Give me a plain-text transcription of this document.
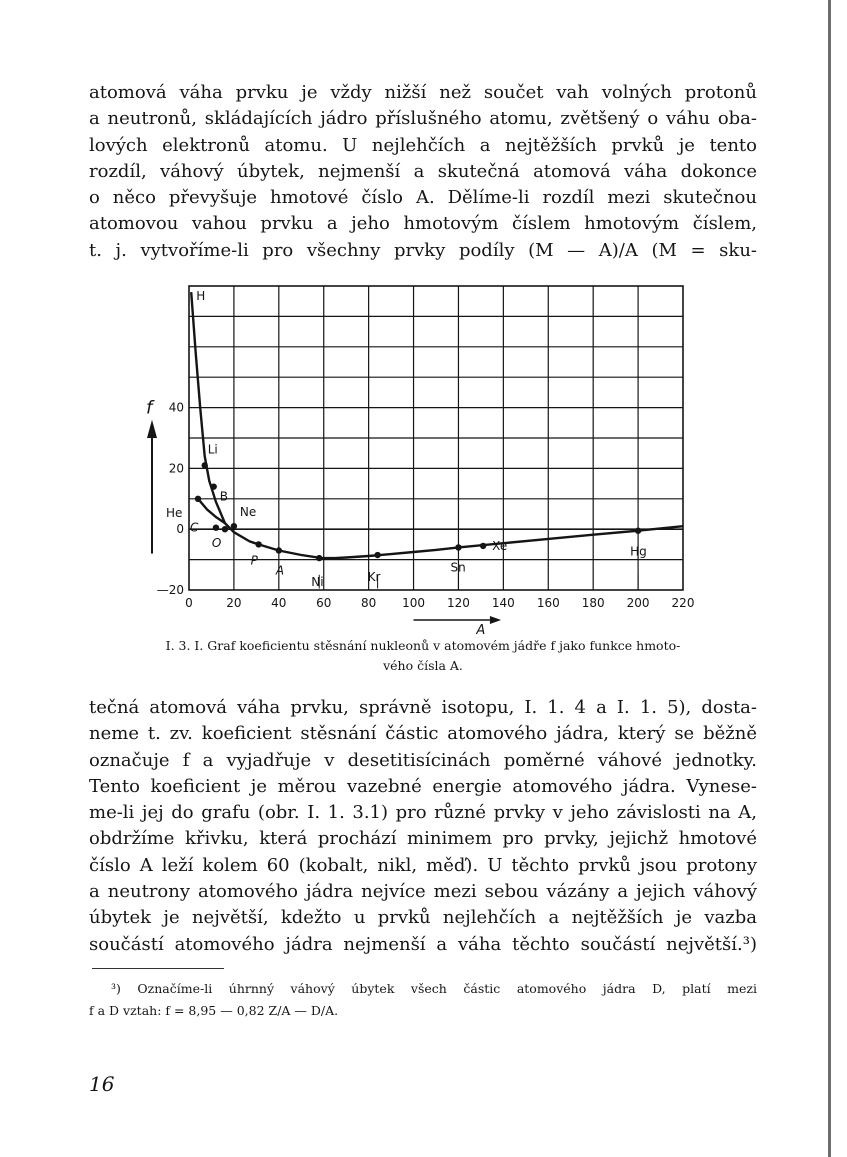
atomová váha prvku je vždy nižší než součet vah volných protonů
a neutronů, skládajících jádro příslušného atomu, zvětšený o váhu oba-
lových elektronů atomu. U nejlehčích a nejtěžších prvků je tento
rozdíl, váhový úbytek, nejmenší a skutečná atomová váha dokonce
o něco převyšuje hmotové číslo A. Dělíme-li rozdíl mezi skutečnou
atomovou vahou prvku a jeho hmotovým číslem hmotovým číslem,
t. j. vytvoříme-li pro všechny prvky podíly (M — A)/A (M = sku-
H
Li
B
He
C
O
Ne
P
A
Ni	Kr
Sn
Xe	Hg
0	20 40 60 80 100 120 140 160 180 200 220
40
20
0
—20
f
A
I. 3. I. Graf koeficientu stěsnání nukleonů v atomovém jádře f jako funkce hmoto-
vého čísla A.
tečná atomová váha prvku, správně isotopu, I. 1. 4 a I. 1. 5), dosta-
neme t. zv. koeficient stěsnání částic atomového jádra, který se běžně
označuje f a vyjadřuje v desetitisícinách poměrné váhové jednotky.
Tento koeficient je měrou vazebné energie atomového jádra. Vynese-
me-li jej do grafu (obr. I. 1. 3.1) pro různé prvky v jeho závislosti na A,
obdržíme křivku, která prochází minimem pro prvky, jejichž hmotové
číslo A leží kolem 60 (kobalt, nikl, měď). U těchto prvků jsou protony
a neutrony atomového jádra nejvíce mezi sebou vázány a jejich váhový
úbytek je největší, kdežto u prvků nejlehčích a nejtěžších je vazba
součástí atomového jádra nejmenší a váha těchto součástí největší.³)
³) Označíme-li úhrnný váhový úbytek všech částic atomového jádra D, platí mezi
f a D vztah: f = 8,95 — 0,82 Z/A — D/A.
16
